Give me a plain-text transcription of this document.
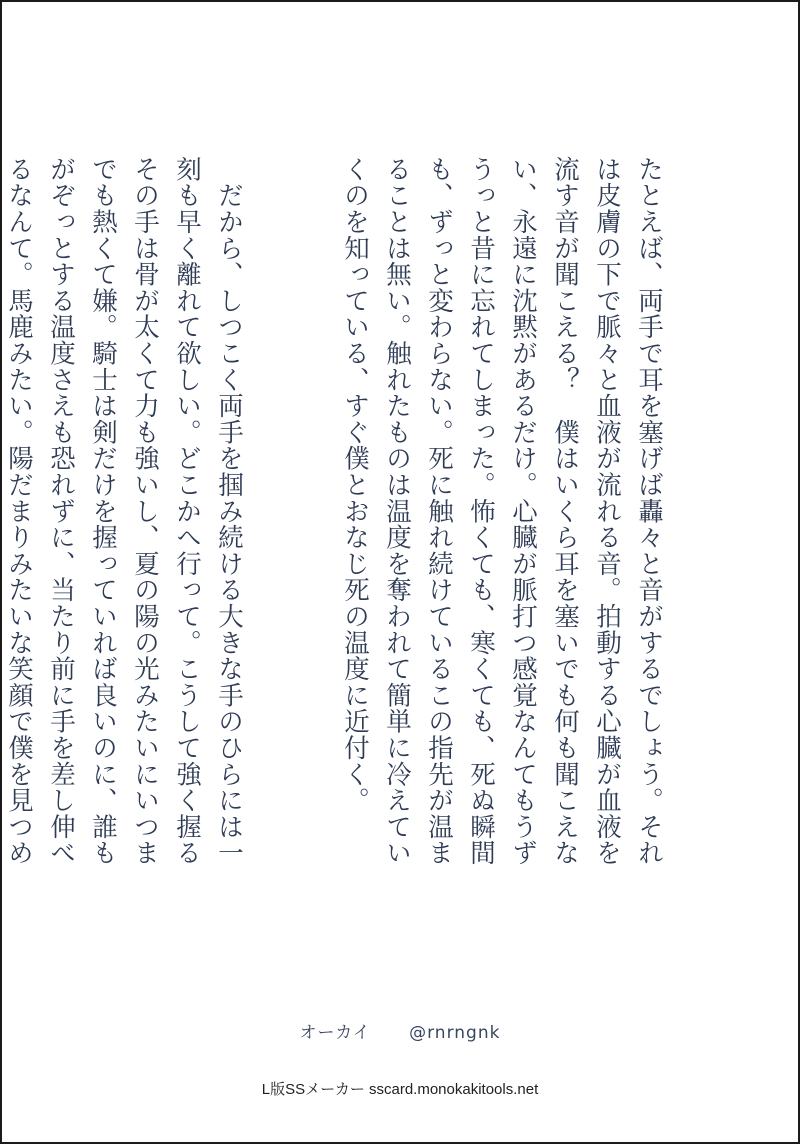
たとえば、両手で耳を塞げば轟々と音がするでしょう。それは皮膚の下で脈々と血液が流れる音。拍動する心臓が血液を流す音が聞こえる？　僕はいくら耳を塞いでも何も聞こえない、永遠に沈黙があるだけ。心臓が脈打つ感覚なんてもうずうっと昔に忘れてしまった。怖くても、寒くても、死ぬ瞬間も、ずっと変わらない。死に触れ続けているこの指先が温まることは無い。触れたものは温度を奪われて簡単に冷えていくのを知っている、すぐ僕とおなじ死の温度に近付く。

　だから、しつこく両手を掴み続ける大きな手のひらには一刻も早く離れて欲しい。どこかへ行って。こうして強く握るその手は骨が太くて力も強いし、夏の陽の光みたいにいつまでも熱くて嫌。騎士は剣だけを握っていれば良いのに、誰もがぞっとする温度さえも恐れずに、当たり前に手を差し伸べるなんて。馬鹿みたい。陽だまりみたいな笑顔で僕を見つめ

オーカイ @rnrngnk
L版SSメーカー sscard.monokakitools.net
